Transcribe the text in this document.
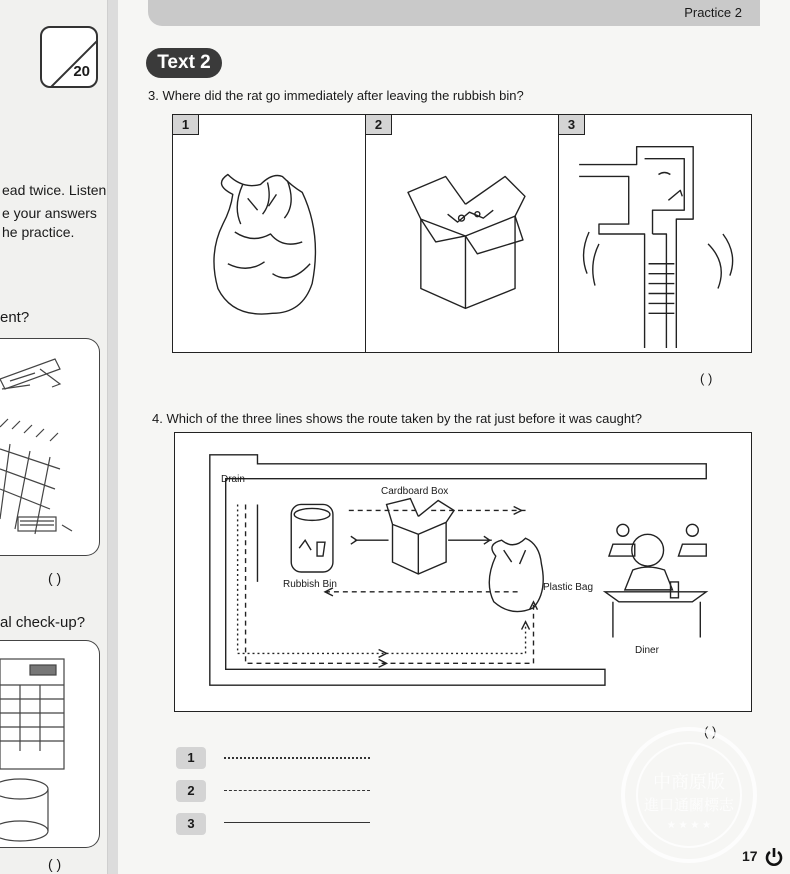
20
ead twice. Listen
e your answers
he practice.
ent?
( )
al check-up?
( )
Practice 2
Text 2
3. Where did the rat go immediately after leaving the rubbish bin?
1	2	3
( )
4. Which of the three lines shows the route taken by the rat just before it was caught?
Drain
Cardboard Box
Rubbish Bin	Plastic Bag
Diner
( )
1
2
3
中商原版
進口通關標志
★ ★ ★ ★
17
